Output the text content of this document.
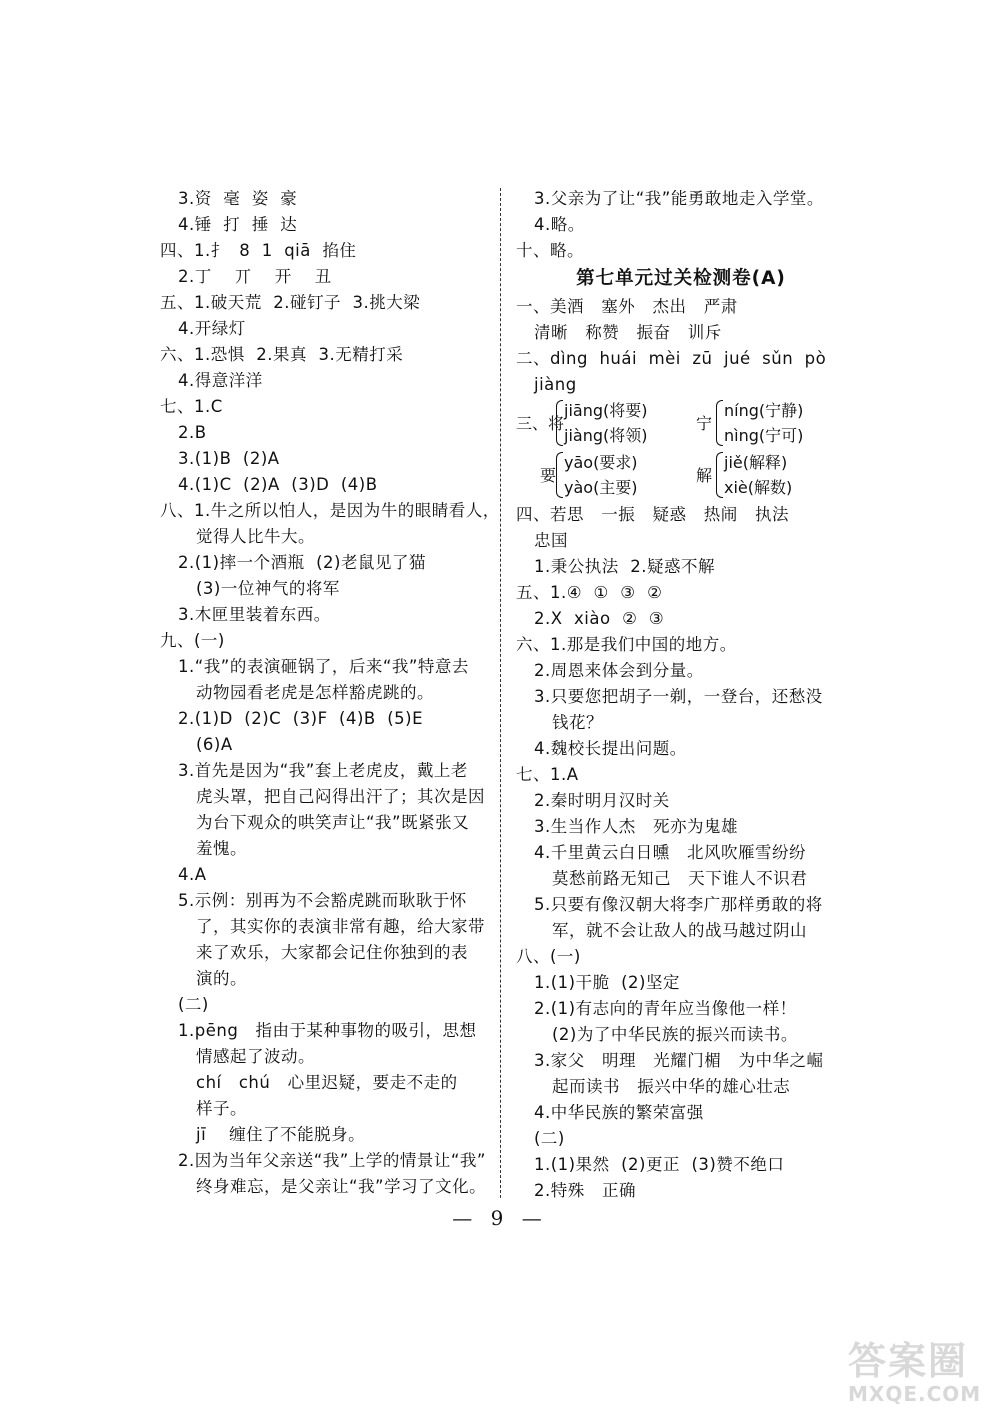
3.资  毫  姿  豪
4.锤  打  捶  达
四、1.扌  8  1  qiā  掐住
2.丁    丌    开    丑
五、1.破天荒  2.碰钉子  3.挑大梁
4.开绿灯
六、1.恐惧  2.果真  3.无精打采
4.得意洋洋
七、1.C
2.B
3.(1)B  (2)A
4.(1)C  (2)A  (3)D  (4)B
八、1.牛之所以怕人，是因为牛的眼睛看人，
觉得人比牛大。
2.(1)摔一个酒瓶  (2)老鼠见了猫
(3)一位神气的将军
3.木匣里装着东西。
九、(一)
1.“我”的表演砸锅了，后来“我”特意去
动物园看老虎是怎样豁虎跳的。
2.(1)D  (2)C  (3)F  (4)B  (5)E
(6)A
3.首先是因为“我”套上老虎皮，戴上老
虎头罩，把自己闷得出汗了；其次是因
为台下观众的哄笑声让“我”既紧张又
羞愧。
4.A
5.示例：别再为不会豁虎跳而耿耿于怀
了，其实你的表演非常有趣，给大家带
来了欢乐，大家都会记住你独到的表
演的。
(二)
1.pēng   指由于某种事物的吸引，思想
情感起了波动。
chí   chú   心里迟疑，要走不走的
样子。
jī    缠住了不能脱身。
2.因为当年父亲送“我”上学的情景让“我”
终身难忘，是父亲让“我”学习了文化。
3.父亲为了让“我”能勇敢地走入学堂。
4.略。
十、略。
第七单元过关检测卷(A)
一、美酒   塞外   杰出   严肃
清晰   称赞   振奋   训斥
二、dìng  huái  mèi  zū  jué  sǔn  pò
jiàng
三、将
jiāng(将要)
jiàng(将领)
宁
níng(宁静)
nìng(宁可)
要
yāo(要求)
yào(主要)
解
jiě(解释)
xiè(解数)
四、若思   一振   疑惑   热闹   执法
忠国
1.秉公执法  2.疑惑不解
五、1.④  ①  ③  ②
2.X  xiào  ②  ③
六、1.那是我们中国的地方。
2.周恩来体会到分量。
3.只要您把胡子一剃，一登台，还愁没
钱花？
4.魏校长提出问题。
七、1.A
2.秦时明月汉时关
3.生当作人杰   死亦为鬼雄
4.千里黄云白日曛   北风吹雁雪纷纷
莫愁前路无知己   天下谁人不识君
5.只要有像汉朝大将李广那样勇敢的将
军，就不会让敌人的战马越过阴山
八、(一)
1.(1)干脆  (2)坚定
2.(1)有志向的青年应当像他一样！
(2)为了中华民族的振兴而读书。
3.家父   明理   光耀门楣   为中华之崛
起而读书   振兴中华的雄心壮志
4.中华民族的繁荣富强
(二)
1.(1)果然  (2)更正  (3)赞不绝口
2.特殊   正确
— 9 —
答案圈
MXQE.COM
